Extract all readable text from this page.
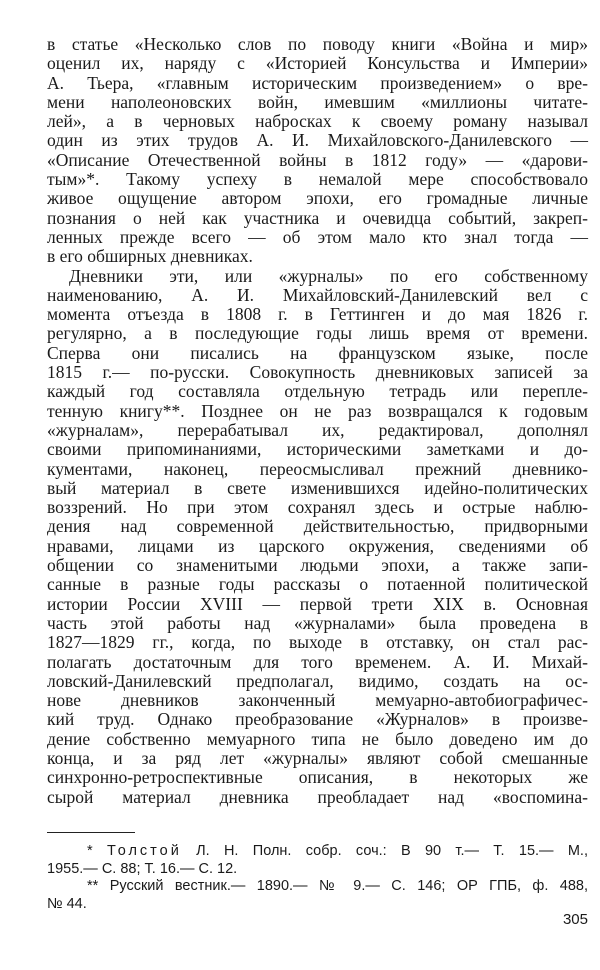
в статье «Несколько слов по поводу книги «Война и мир»
оценил их, наряду с «Историей Консульства и Империи»
А. Тьера, «главным историческим произведением» о вре-
мени наполеоновских войн, имевшим «миллионы читате-
лей», а в черновых набросках к своему роману называл
один из этих трудов А. И. Михайловского-Данилевского —
«Описание Отечественной войны в 1812 году» — «дарови-
тым»*. Такому успеху в немалой мере способствовало
живое ощущение автором эпохи, его громадные личные
познания о ней как участника и очевидца событий, закреп-
ленных прежде всего — об этом мало кто знал тогда —
в его обширных дневниках.
Дневники эти, или «журналы» по его собственному
наименованию, А. И. Михайловский-Данилевский вел с
момента отъезда в 1808 г. в Геттинген и до мая 1826 г.
регулярно, а в последующие годы лишь время от времени.
Сперва они писались на французском языке, после
1815 г.— по-русски. Совокупность дневниковых записей за
каждый год составляла отдельную тетрадь или перепле-
тенную книгу**. Позднее он не раз возвращался к годовым
«журналам», перерабатывал их, редактировал, дополнял
своими припоминаниями, историческими заметками и до-
кументами, наконец, переосмысливал прежний дневнико-
вый материал в свете изменившихся идейно-политических
воззрений. Но при этом сохранял здесь и острые наблю-
дения над современной действительностью, придворными
нравами, лицами из царского окружения, сведениями об
общении со знаменитыми людьми эпохи, а также запи-
санные в разные годы рассказы о потаенной политической
истории России XVIII — первой трети XIX в. Основная
часть этой работы над «журналами» была проведена в
1827—1829 гг., когда, по выходе в отставку, он стал рас-
полагать достаточным для того временем. А. И. Михай-
ловский-Данилевский предполагал, видимо, создать на ос-
нове дневников законченный мемуарно-автобиографичес-
кий труд. Однако преобразование «Журналов» в произве-
дение собственно мемуарного типа не было доведено им до
конца, и за ряд лет «журналы» являют собой смешанные
синхронно-ретроспективные описания, в некоторых же
сырой материал дневника преобладает над «воспомина-
* Толстой Л. Н. Полн. собр. соч.: В 90 т.— Т. 15.— М.,
1955.— С. 88; Т. 16.— С. 12.
** Русский вестник.— 1890.— № 9.— С. 146; ОР ГПБ, ф. 488,
№ 44.
305
